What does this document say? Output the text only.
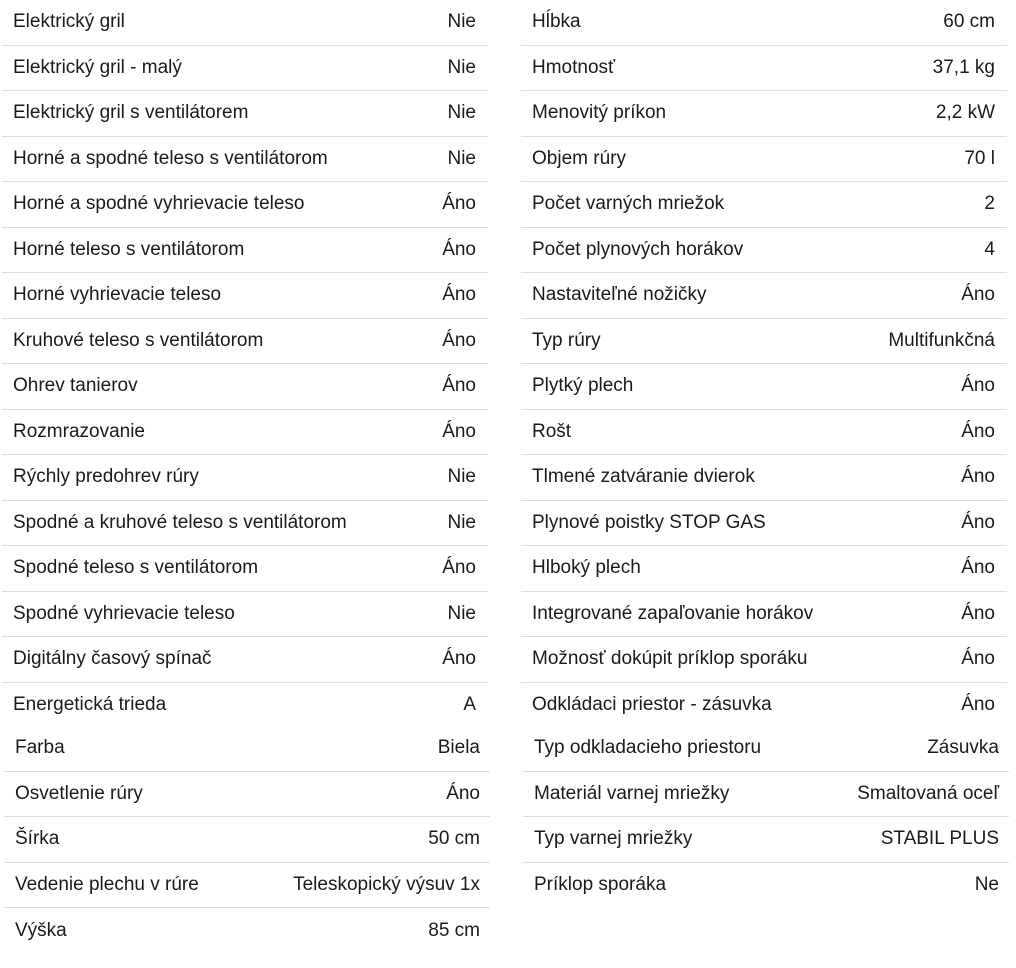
Elektrický gril	Nie
Elektrický gril - malý	Nie
Elektrický gril s ventilátorem	Nie
Horné a spodné teleso s ventilátorom	Nie
Horné a spodné vyhrievacie teleso	Áno
Horné teleso s ventilátorom	Áno
Horné vyhrievacie teleso	Áno
Kruhové teleso s ventilátorom	Áno
Ohrev tanierov	Áno
Rozmrazovanie	Áno
Rýchly predohrev rúry	Nie
Spodné a kruhové teleso s ventilátorom	Nie
Spodné teleso s ventilátorom	Áno
Spodné vyhrievacie teleso	Nie
Digitálny časový spínač	Áno
Energetická trieda	A
Farba	Biela
Osvetlenie rúry	Áno
Šírka	50 cm
Vedenie plechu v rúre	Teleskopický výsuv 1x
Výška	85 cm
Hĺbka	60 cm
Hmotnosť	37,1 kg
Menovitý príkon	2,2 kW
Objem rúry	70 l
Počet varných mriežok	2
Počet plynových horákov	4
Nastaviteľné nožičky	Áno
Typ rúry	Multifunkčná
Plytký plech	Áno
Rošt	Áno
Tlmené zatváranie dvierok	Áno
Plynové poistky STOP GAS	Áno
Hlboký plech	Áno
Integrované zapaľovanie horákov	Áno
Možnosť dokúpit príklop sporáku	Áno
Odkládaci priestor - zásuvka	Áno
Typ odkladacieho priestoru	Zásuvka
Materiál varnej mriežky	Smaltovaná oceľ
Typ varnej mriežky	STABIL PLUS
Príklop sporáka	Ne
